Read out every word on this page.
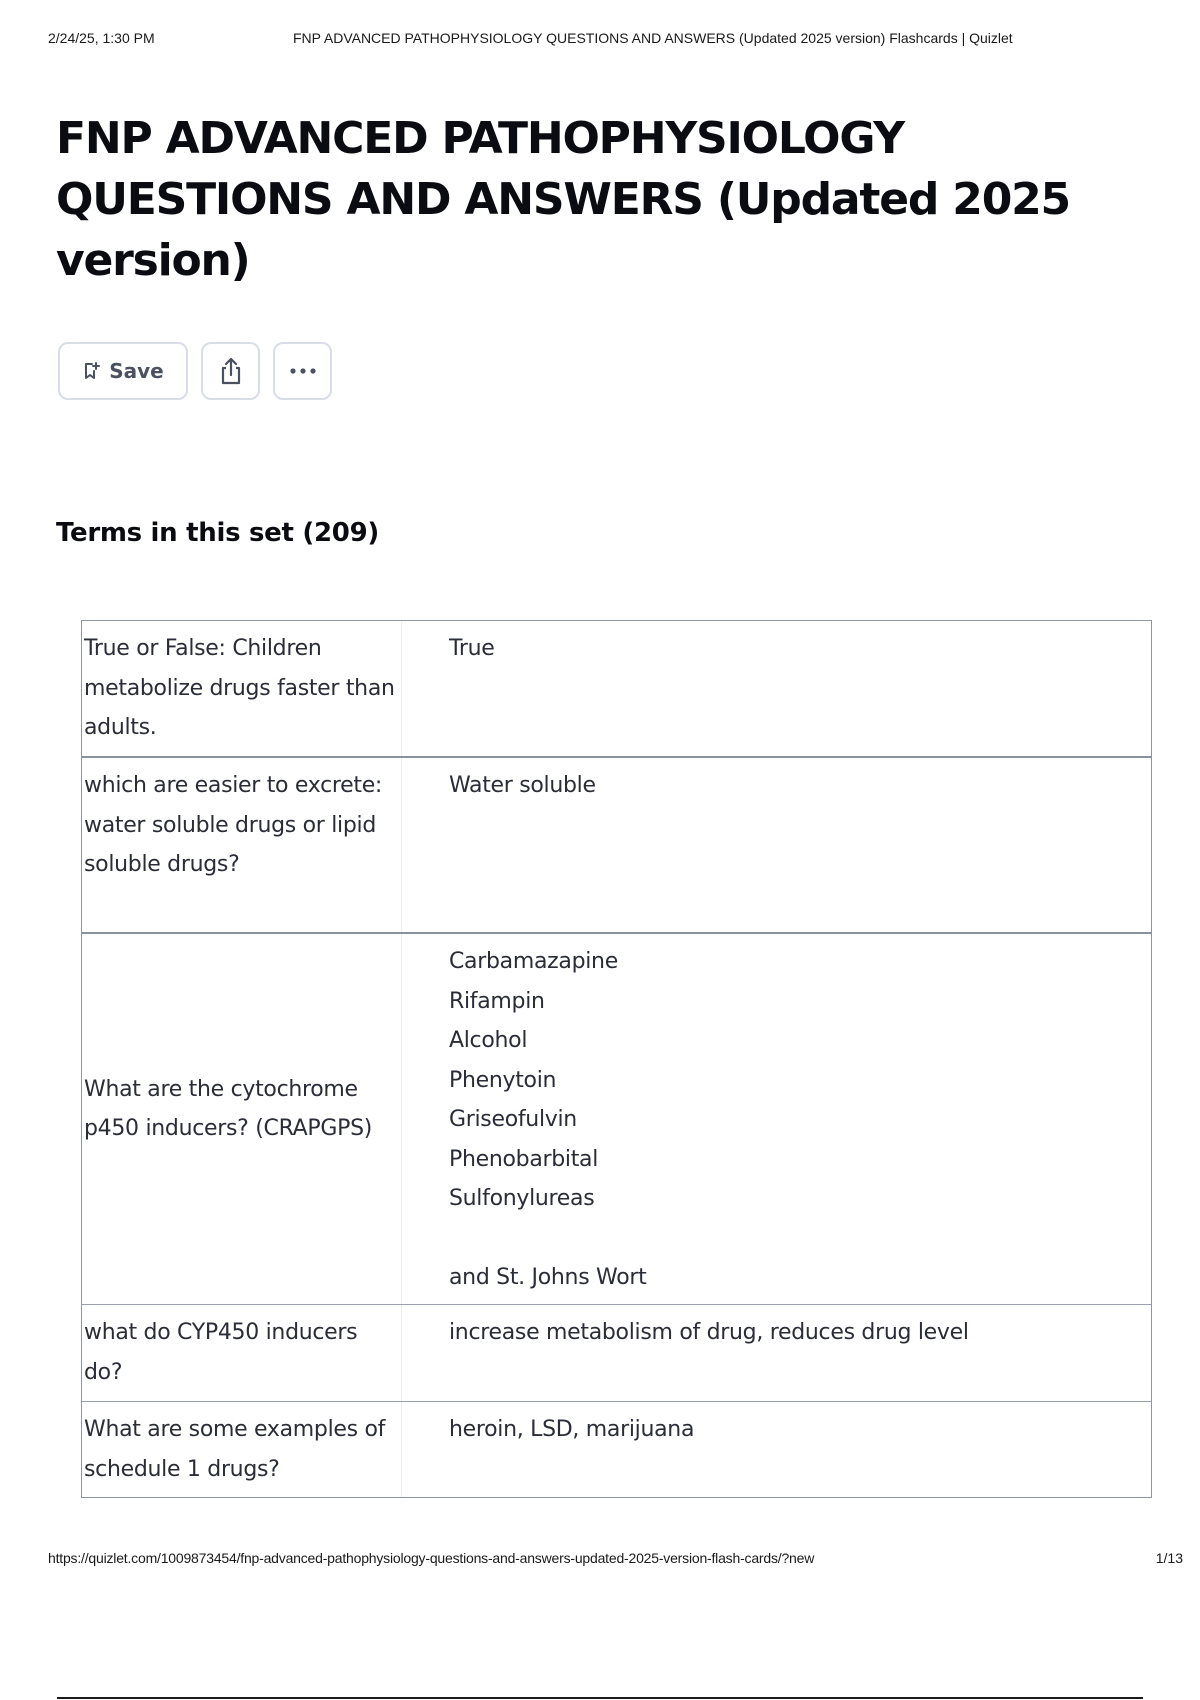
2/24/25, 1:30 PM	FNP ADVANCED PATHOPHYSIOLOGY QUESTIONS AND ANSWERS (Updated 2025 version) Flashcards | Quizlet
FNP ADVANCED PATHOPHYSIOLOGY QUESTIONS AND ANSWERS (Updated 2025 version)
Save
Terms in this set (209)
True or False: Children metabolize drugs faster than adults.
True
which are easier to excrete: water soluble drugs or lipid soluble drugs?
Water soluble
What are the cytochrome p450 inducers? (CRAPGPS)
Carbamazapine
Rifampin
Alcohol
Phenytoin
Griseofulvin
Phenobarbital
Sulfonylureas
and St. Johns Wort
what do CYP450 inducers do?
increase metabolism of drug, reduces drug level
What are some examples of schedule 1 drugs?
heroin, LSD, marijuana
https://quizlet.com/1009873454/fnp-advanced-pathophysiology-questions-and-answers-updated-2025-version-flash-cards/?new	1/13
